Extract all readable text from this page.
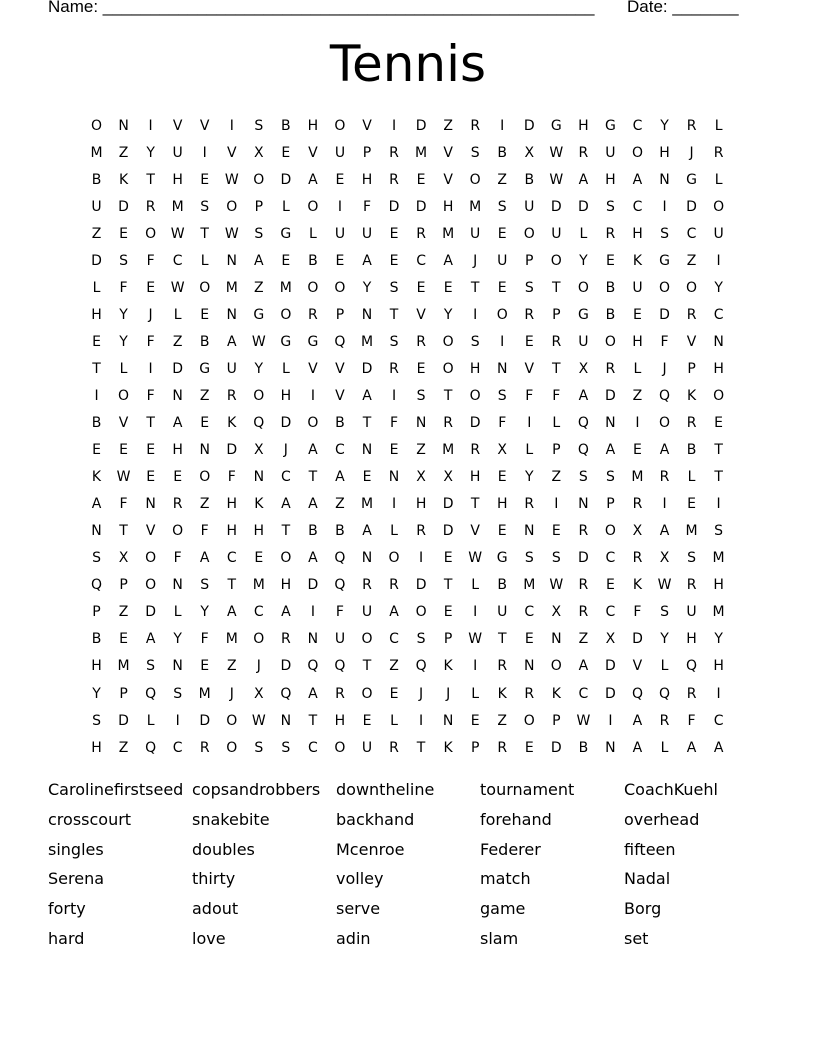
Name: ____________________________________________________ Date: _______
Tennis
O	N	I	V	V	I	S	B	H	O	V	I	D	Z	R	I	D	G	H	G	C	Y	R	L
M	Z	Y	U	I	V	X	E	V	U	P	R	M	V	S	B	X	W	R	U	O	H	J	R
B	K	T	H	E	W	O	D	A	E	H	R	E	V	O	Z	B	W	A	H	A	N	G	L
U	D	R	M	S	O	P	L	O	I	F	D	D	H	M	S	U	D	D	S	C	I	D	O
Z	E	O	W	T	W	S	G	L	U	U	E	R	M	U	E	O	U	L	R	H	S	C	U
D	S	F	C	L	N	A	E	B	E	A	E	C	A	J	U	P	O	Y	E	K	G	Z	I
L	F	E	W	O	M	Z	M	O	O	Y	S	E	E	T	E	S	T	O	B	U	O	O	Y
H	Y	J	L	E	N	G	O	R	P	N	T	V	Y	I	O	R	P	G	B	E	D	R	C
E	Y	F	Z	B	A	W	G	G	Q	M	S	R	O	S	I	E	R	U	O	H	F	V	N
T	L	I	D	G	U	Y	L	V	V	D	R	E	O	H	N	V	T	X	R	L	J	P	H
I	O	F	N	Z	R	O	H	I	V	A	I	S	T	O	S	F	F	A	D	Z	Q	K	O
B	V	T	A	E	K	Q	D	O	B	T	F	N	R	D	F	I	L	Q	N	I	O	R	E
E	E	E	H	N	D	X	J	A	C	N	E	Z	M	R	X	L	P	Q	A	E	A	B	T
K	W	E	E	O	F	N	C	T	A	E	N	X	X	H	E	Y	Z	S	S	M	R	L	T
A	F	N	R	Z	H	K	A	A	Z	M	I	H	D	T	H	R	I	N	P	R	I	E	I
N	T	V	O	F	H	H	T	B	B	A	L	R	D	V	E	N	E	R	O	X	A	M	S
S	X	O	F	A	C	E	O	A	Q	N	O	I	E	W	G	S	S	D	C	R	X	S	M
Q	P	O	N	S	T	M	H	D	Q	R	R	D	T	L	B	M	W	R	E	K	W	R	H
P	Z	D	L	Y	A	C	A	I	F	U	A	O	E	I	U	C	X	R	C	F	S	U	M
B	E	A	Y	F	M	O	R	N	U	O	C	S	P	W	T	E	N	Z	X	D	Y	H	Y
H	M	S	N	E	Z	J	D	Q	Q	T	Z	Q	K	I	R	N	O	A	D	V	L	Q	H
Y	P	Q	S	M	J	X	Q	A	R	O	E	J	J	L	K	R	K	C	D	Q	Q	R	I
S	D	L	I	D	O	W	N	T	H	E	L	I	N	E	Z	O	P	W	I	A	R	F	C
H	Z	Q	C	R	O	S	S	C	O	U	R	T	K	P	R	E	D	B	N	A	L	A	A
Carolinefirstseed copsandrobbers downtheline	tournament	CoachKuehl
crosscourt	snakebite	backhand	forehand	overhead
singles	doubles	Mcenroe	Federer	fifteen
Serena	thirty	volley	match	Nadal
forty	adout	serve	game	Borg
hard	love	adin	slam	set
